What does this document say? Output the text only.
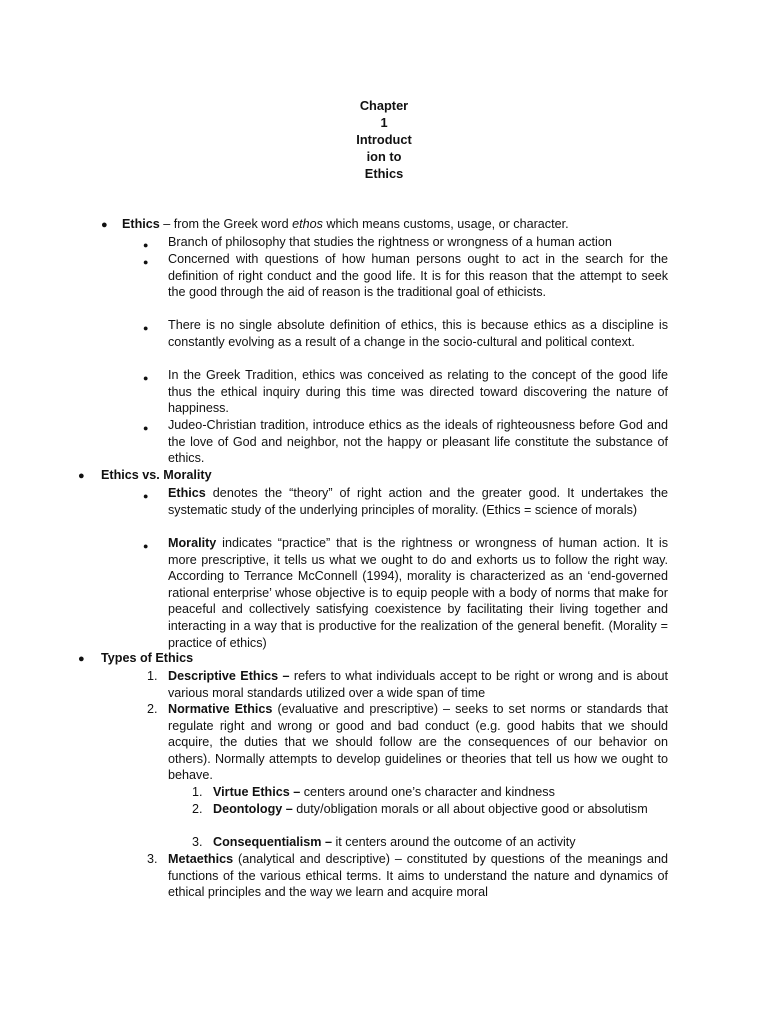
Chapter
1
Introduct
ion to
Ethics
● Ethics – from the Greek word ethos which means customs, usage, or character.
● Branch of philosophy that studies the rightness or wrongness of a human action
● Concerned with questions of how human persons ought to act in the search for the definition of right conduct and the good life. It is for this reason that the attempt to seek the good through the aid of reason is the traditional goal of ethicists.
● There is no single absolute definition of ethics, this is because ethics as a discipline is constantly evolving as a result of a change in the socio-cultural and political context.
● In the Greek Tradition, ethics was conceived as relating to the concept of the good life thus the ethical inquiry during this time was directed toward discovering the nature of happiness.
● Judeo-Christian tradition, introduce ethics as the ideals of righteousness before God and the love of God and neighbor, not the happy or pleasant life constitute the substance of ethics.
● Ethics vs. Morality
● Ethics denotes the “theory” of right action and the greater good. It undertakes the systematic study of the underlying principles of morality. (Ethics = science of morals)
● Morality indicates “practice” that is the rightness or wrongness of human action. It is more prescriptive, it tells us what we ought to do and exhorts us to follow the right way. According to Terrance McConnell (1994), morality is characterized as an ‘end-governed rational enterprise’ whose objective is to equip people with a body of norms that make for peaceful and collectively satisfying coexistence by facilitating their living together and interacting in a way that is productive for the realization of the general benefit. (Morality = practice of ethics)
● Types of Ethics
1. Descriptive Ethics – refers to what individuals accept to be right or wrong and is about various moral standards utilized over a wide span of time
2. Normative Ethics (evaluative and prescriptive) – seeks to set norms or standards that regulate right and wrong or good and bad conduct (e.g. good habits that we should acquire, the duties that we should follow are the consequences of our behavior on others). Normally attempts to develop guidelines or theories that tell us how we ought to behave.
1. Virtue Ethics – centers around one’s character and kindness
2. Deontology – duty/obligation morals or all about objective good or absolutism
3. Consequentialism – it centers around the outcome of an activity
3. Metaethics (analytical and descriptive) – constituted by questions of the meanings and functions of the various ethical terms. It aims to understand the nature and dynamics of ethical principles and the way we learn and acquire moral
